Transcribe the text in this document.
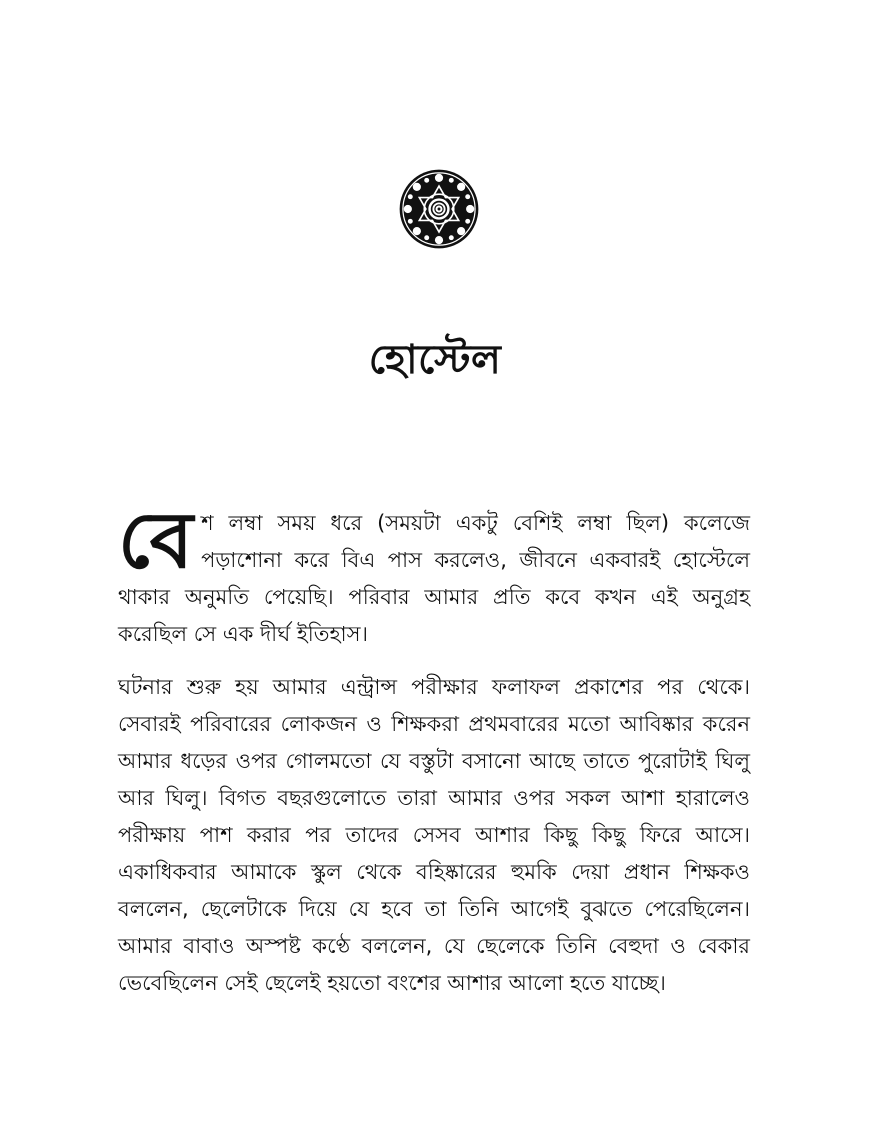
হোস্টেল

বেশ লম্বা সময় ধরে (সময়টা একটু বেশিই লম্বা ছিল) কলেজে পড়াশোনা করে বিএ পাস করলেও, জীবনে একবারই হোস্টেলে থাকার অনুমতি পেয়েছি। পরিবার আমার প্রতি কবে কখন এই অনুগ্রহ করেছিল সে এক দীর্ঘ ইতিহাস।

ঘটনার শুরু হয় আমার এন্ট্রান্স পরীক্ষার ফলাফল প্রকাশের পর থেকে। সেবারই পরিবারের লোকজন ও শিক্ষকরা প্রথমবারের মতো আবিষ্কার করেন আমার ধড়ের ওপর গোলমতো যে বস্তুটা বসানো আছে তাতে পুরোটাই ঘিলু আর ঘিলু। বিগত বছরগুলোতে তারা আমার ওপর সকল আশা হারালেও পরীক্ষায় পাশ করার পর তাদের সেসব আশার কিছু কিছু ফিরে আসে। একাধিকবার আমাকে স্কুল থেকে বহিষ্কারের হুমকি দেয়া প্রধান শিক্ষকও বললেন, ছেলেটাকে দিয়ে যে হবে তা তিনি আগেই বুঝতে পেরেছিলেন। আমার বাবাও অস্পষ্ট কণ্ঠে বললেন, যে ছেলেকে তিনি বেহুদা ও বেকার ভেবেছিলেন সেই ছেলেই হয়তো বংশের আশার আলো হতে যাচ্ছে।
